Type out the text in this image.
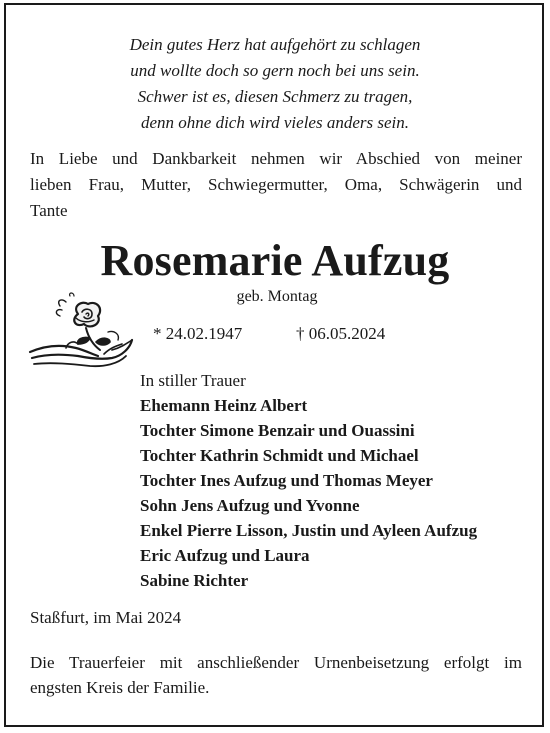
Dein gutes Herz hat aufgehört zu schlagen
und wollte doch so gern noch bei uns sein.
Schwer ist es, diesen Schmerz zu tragen,
denn ohne dich wird vieles anders sein.
In Liebe und Dankbarkeit nehmen wir Abschied von meiner
lieben Frau, Mutter, Schwiegermutter, Oma, Schwägerin und
Tante
Rosemarie Aufzug
geb. Montag
* 24.02.1947	† 06.05.2024
In stiller Trauer
Ehemann Heinz Albert
Tochter Simone Benzair und Ouassini
Tochter Kathrin Schmidt und Michael
Tochter Ines Aufzug und Thomas Meyer
Sohn Jens Aufzug und Yvonne
Enkel Pierre Lisson, Justin und Ayleen Aufzug
Eric Aufzug und Laura
Sabine Richter
Staßfurt, im Mai 2024
Die Trauerfeier mit anschließender Urnenbeisetzung erfolgt im
engsten Kreis der Familie.
